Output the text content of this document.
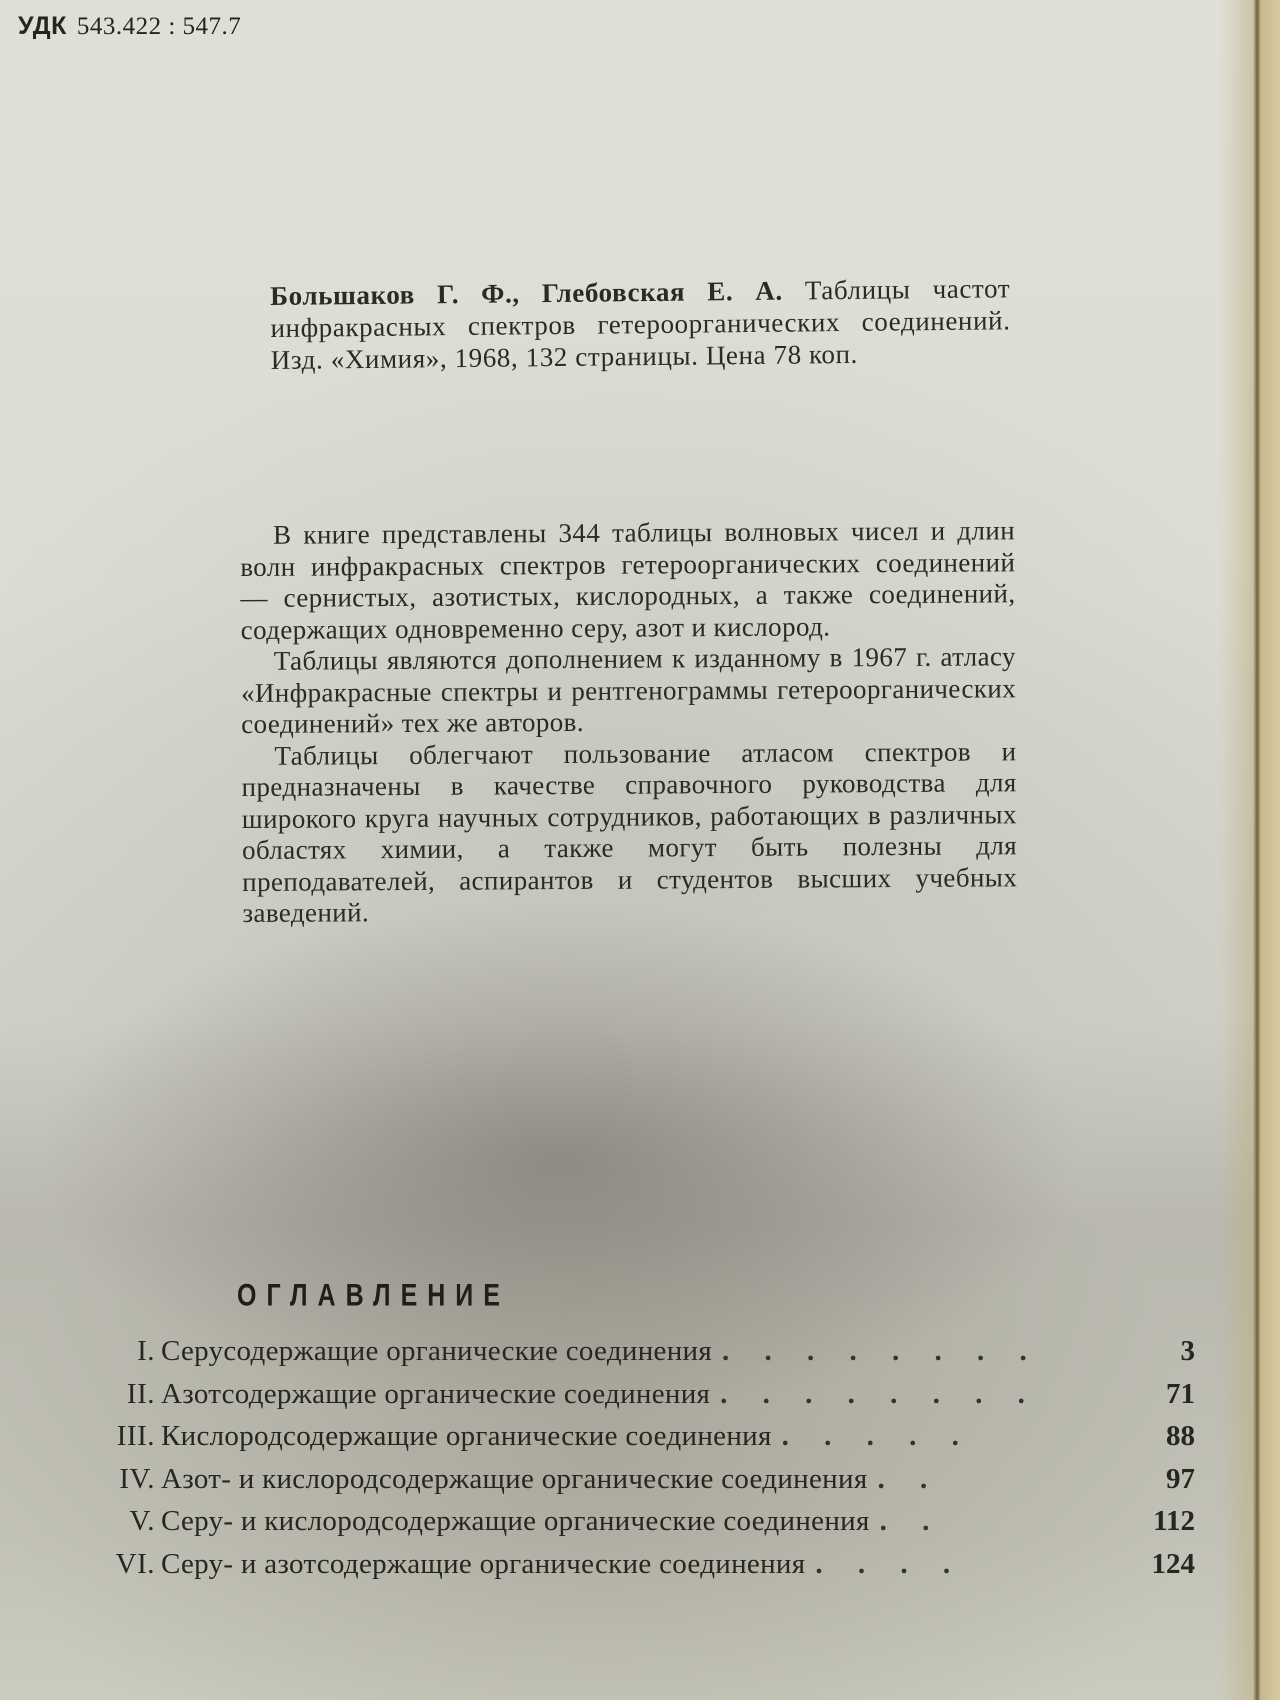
УДК 543.422 : 547.7
Большаков Г. Ф., Глебовская Е. А. Таблицы частот инфракрасных спектров гетероорганических соединений. Изд. «Химия», 1968, 132 страницы. Цена 78 коп.

В книге представлены 344 таблицы волновых чисел и длин волн инфракрасных спектров гетероорганических соединений — сернистых, азотистых, кислородных, а также соединений, содержащих одновременно серу, азот и кислород.

Таблицы являются дополнением к изданному в 1967 г. атласу «Инфракрасные спектры и рентгенограммы гетероорганических соединений» тех же авторов.

Таблицы облегчают пользование атласом спектров и предназначены в качестве справочного руководства для широкого круга научных сотрудников, работающих в различных областях химии, а также могут быть полезны для преподавателей, аспирантов и студентов высших учебных заведений.

ОГЛАВЛЕНИЕ
I. Серусодержащие органические соединения . . . . . . . .	3
II. Азотсодержащие органические соединения . . . . . . . .	71
III. Кислородсодержащие органические соединения . . . . .	88
IV. Азот- и кислородсодержащие органические соединения . .	97
V. Серу- и кислородсодержащие органические соединения . .	112
VI. Серу- и азотсодержащие органические соединения . . . .	124
